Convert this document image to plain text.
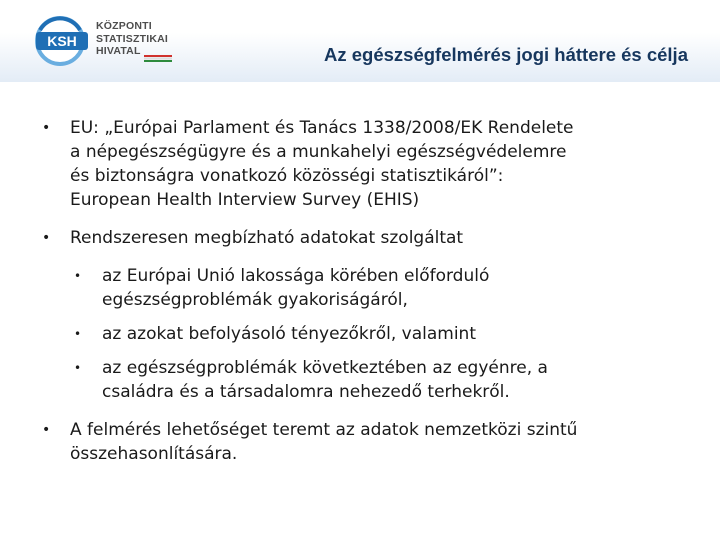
KSH
KÖZPONTI
STATISZTIKAI
HIVATAL	Az egészségfelmérés jogi háttere és célja
• EU: „Európai Parlament és Tanács 1338/2008/EK Rendelete
a népegészségügyre és a munkahelyi egészségvédelemre
és biztonságra vonatkozó közösségi statisztikáról”:
European Health Interview Survey (EHIS)
• Rendszeresen megbízható adatokat szolgáltat
• az Európai Unió lakossága körében előforduló
egészségproblémák gyakoriságáról,
• az azokat befolyásoló tényezőkről, valamint
• az egészségproblémák következtében az egyénre, a
családra és a társadalomra nehezedő terhekről.
• A felmérés lehetőséget teremt az adatok nemzetközi szintű
összehasonlítására.
